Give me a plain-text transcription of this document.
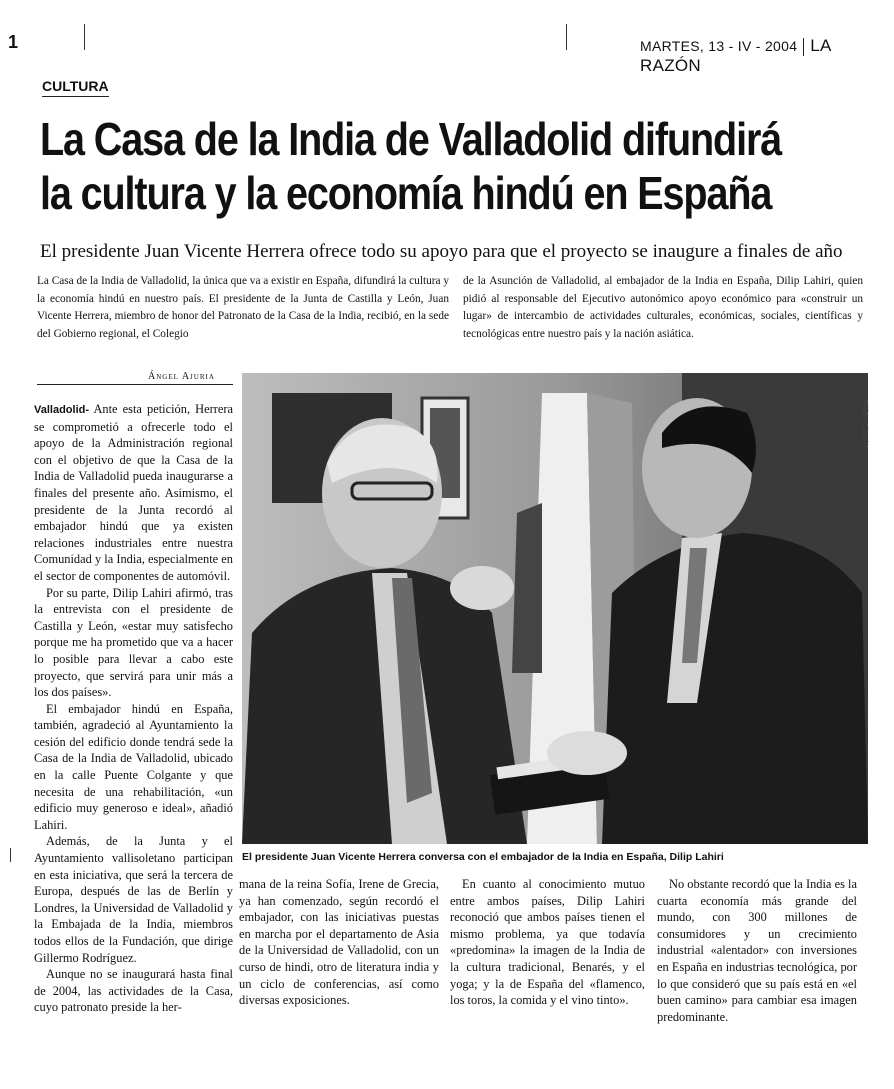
1	MARTES, 13 - IV - 2004 LA RAZÓN
CULTURA
La Casa de la India de Valladolid difundirá
la cultura y la economía hindú en España
El presidente Juan Vicente Herrera ofrece todo su apoyo para que el proyecto se inaugure a finales de año
La Casa de la India de Valladolid, la única que va a existir en España, difundirá la cultura y la economía hindú en nuestro país. El presidente de la Junta de Castilla y León, Juan Vicente Herrera, miembro de honor del Patronato de la Casa de la India, recibió, en la sede del Gobierno regional, el Colegio
de la Asunción de Valladolid, al embajador de la India en España, Dilip Lahiri, quien pidió al responsable del Ejecutivo autonómico apoyo económico para «construir un lugar» de intercambio de actividades culturales, económicas, sociales, científicas y tecnológicas entre nuestro país y la nación asiática.
Ángel Ajuria

Valladolid- Ante esta petición, Herrera se comprometió a ofrecerle todo el apoyo de la Administración regional con el objetivo de que la Casa de la India de Valladolid pueda inaugurarse a finales del presente año. Asimismo, el presidente de la Junta recordó al embajador hindú que ya existen relaciones industriales entre nuestra Comunidad y la India, especialmente en el sector de componentes de automóvil.

Por su parte, Dilip Lahiri afirmó, tras la entrevista con el presidente de Castilla y León, «estar muy satisfecho porque me ha prometido que va a hacer lo posible para llevar a cabo este proyecto, que servirá para unir más a los dos países».

El embajador hindú en España, también, agradeció al Ayuntamiento la cesión del edificio donde tendrá sede la Casa de la India de Valladolid, ubicado en la calle Puente Colgante y que necesita de una rehabilitación, «un edificio muy generoso e ideal», añadió Lahiri.

Además, de la Junta y el Ayuntamiento vallisoletano participan en esta iniciativa, que será la tercera de Europa, después de las de Berlín y Londres, la Universidad de Valladolid y la Embajada de la India, miembros todos ellos de la Fundación, que dirige Gillermo Rodríguez.

Aunque no se inaugurará hasta final de 2004, las actividades de la Casa, cuyo patronato preside la her-

Miriam Chacón
El presidente Juan Vicente Herrera conversa con el embajador de la India en España, Dilip Lahiri

mana de la reina Sofía, Irene de Grecia, ya han comenzado, según recordó el embajador, con las iniciativas puestas en marcha por el departamento de Asia de la Universidad de Valladolid, con un curso de hindi, otro de literatura india y un ciclo de conferencias, así como diversas exposiciones.

En cuanto al conocimiento mutuo entre ambos países, Dilip Lahiri reconoció que ambos países tienen el mismo problema, ya que todavía «predomina» la imagen de la India de la cultura tradicional, Benarés, y el yoga; y la de España del «flamenco, los toros, la comida y el vino tinto».

No obstante recordó que la India es la cuarta economía más grande del mundo, con 300 millones de consumidores y un crecimiento industrial «alentador» con inversiones en España en industrias tecnológica, por lo que consideró que su país está en «el buen camino» para cambiar esa imagen predominante.
